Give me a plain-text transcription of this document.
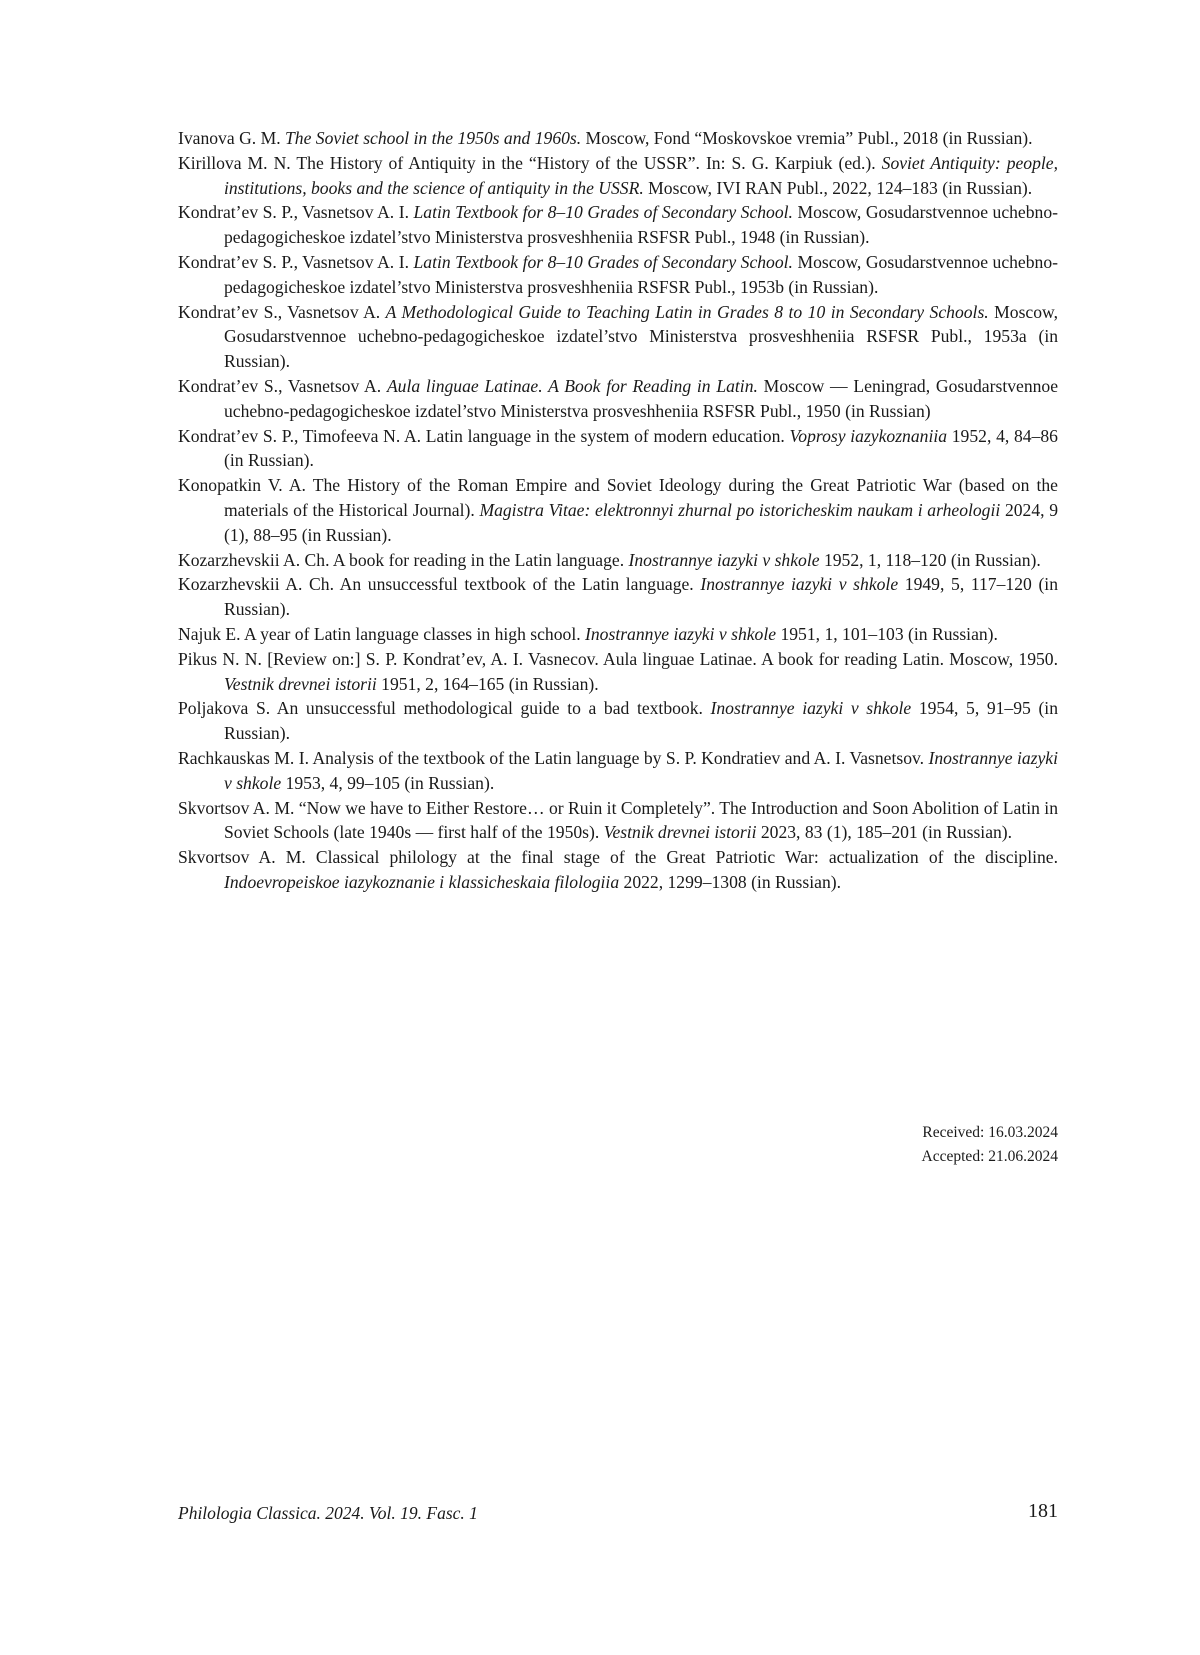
Ivanova G. M. The Soviet school in the 1950s and 1960s. Moscow, Fond “Moskovskoe vremia” Publ., 2018 (in Russian).

Kirillova M. N. The History of Antiquity in the “History of the USSR”. In: S. G. Karpiuk (ed.). Soviet Antiquity: people, institutions, books and the science of antiquity in the USSR. Moscow, IVI RAN Publ., 2022, 124–183 (in Russian).

Kondrat’ev S. P., Vasnetsov A. I. Latin Textbook for 8–10 Grades of Secondary School. Moscow, Gosudarstvennoe uchebno-pedagogicheskoe izdatel’stvo Ministerstva prosveshheniia RSFSR Publ., 1948 (in Russian).

Kondrat’ev S. P., Vasnetsov A. I. Latin Textbook for 8–10 Grades of Secondary School. Moscow, Gosudarstvennoe uchebno-pedagogicheskoe izdatel’stvo Ministerstva prosveshheniia RSFSR Publ., 1953b (in Russian).

Kondrat’ev S., Vasnetsov A. A Methodological Guide to Teaching Latin in Grades 8 to 10 in Secondary Schools. Moscow, Gosudarstvennoe uchebno-pedagogicheskoe izdatel’stvo Ministerstva prosveshheniia RSFSR Publ., 1953a (in Russian).

Kondrat’ev S., Vasnetsov A. Aula linguae Latinae. A Book for Reading in Latin. Moscow — Leningrad, Gosudarstvennoe uchebno-pedagogicheskoe izdatel’stvo Ministerstva prosveshheniia RSFSR Publ., 1950 (in Russian)

Kondrat’ev S. P., Timofeeva N. A. Latin language in the system of modern education. Voprosy iazykoznaniia 1952, 4, 84–86 (in Russian).

Konopatkin V. A. The History of the Roman Empire and Soviet Ideology during the Great Patriotic War (based on the materials of the Historical Journal). Magistra Vitae: elektronnyi zhurnal po istoricheskim naukam i arheologii 2024, 9 (1), 88–95 (in Russian).

Kozarzhevskii A. Ch. A book for reading in the Latin language. Inostrannye iazyki v shkole 1952, 1, 118–120 (in Russian).

Kozarzhevskii A. Ch. An unsuccessful textbook of the Latin language. Inostrannye iazyki v shkole 1949, 5, 117–120 (in Russian).

Najuk E. A year of Latin language classes in high school. Inostrannye iazyki v shkole 1951, 1, 101–103 (in Russian).

Pikus N. N. [Review on:] S. P. Kondrat’ev, A. I. Vasnecov. Aula linguae Latinae. A book for reading Latin. Moscow, 1950. Vestnik drevnei istorii 1951, 2, 164–165 (in Russian).

Poljakova S. An unsuccessful methodological guide to a bad textbook. Inostrannye iazyki v shkole 1954, 5, 91–95 (in Russian).

Rachkauskas M. I. Analysis of the textbook of the Latin language by S. P. Kondratiev and A. I. Vasnetsov. Inostrannye iazyki v shkole 1953, 4, 99–105 (in Russian).

Skvortsov A. M. “Now we have to Either Restore… or Ruin it Completely”. The Introduction and Soon Abolition of Latin in Soviet Schools (late 1940s — first half of the 1950s). Vestnik drevnei istorii 2023, 83 (1), 185–201 (in Russian).

Skvortsov A. M. Classical philology at the final stage of the Great Patriotic War: actualization of the discipline. Indoevropeiskoe iazykoznanie i klassicheskaia filologiia 2022, 1299–1308 (in Russian).

Received: 16.03.2024
Accepted: 21.06.2024
Philologia Classica. 2024. Vol. 19. Fasc. 1	181
